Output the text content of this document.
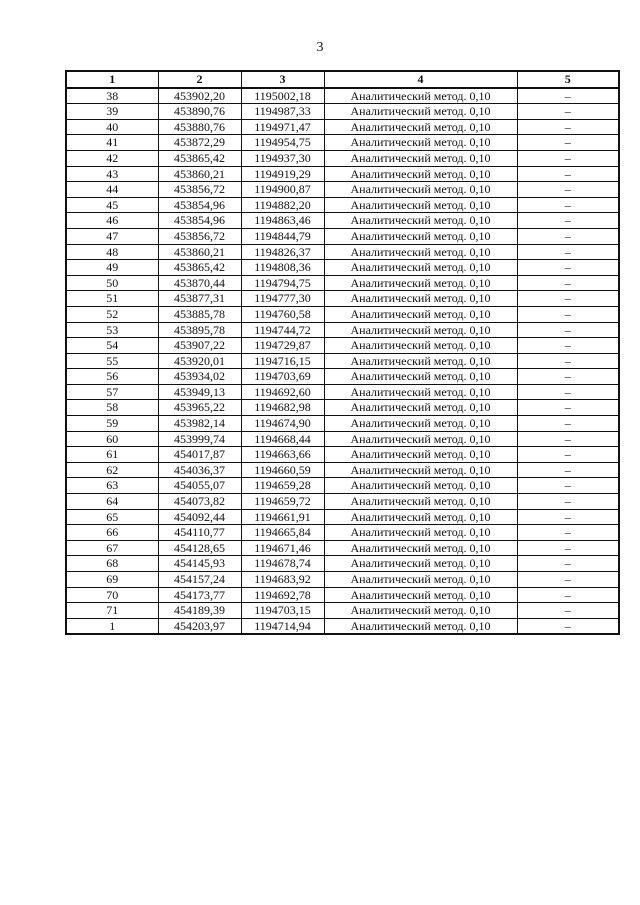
3
1	2	3	4	5
38	453902,20	1195002,18	Аналитический метод. 0,10	–
39	453890,76	1194987,33	Аналитический метод. 0,10	–
40	453880,76	1194971,47	Аналитический метод. 0,10	–
41	453872,29	1194954,75	Аналитический метод. 0,10	–
42	453865,42	1194937,30	Аналитический метод. 0,10	–
43	453860,21	1194919,29	Аналитический метод. 0,10	–
44	453856,72	1194900,87	Аналитический метод. 0,10	–
45	453854,96	1194882,20	Аналитический метод. 0,10	–
46	453854,96	1194863,46	Аналитический метод. 0,10	–
47	453856,72	1194844,79	Аналитический метод. 0,10	–
48	453860,21	1194826,37	Аналитический метод. 0,10	–
49	453865,42	1194808,36	Аналитический метод. 0,10	–
50	453870,44	1194794,75	Аналитический метод. 0,10	–
51	453877,31	1194777,30	Аналитический метод. 0,10	–
52	453885,78	1194760,58	Аналитический метод. 0,10	–
53	453895,78	1194744,72	Аналитический метод. 0,10	–
54	453907,22	1194729,87	Аналитический метод. 0,10	–
55	453920,01	1194716,15	Аналитический метод. 0,10	–
56	453934,02	1194703,69	Аналитический метод. 0,10	–
57	453949,13	1194692,60	Аналитический метод. 0,10	–
58	453965,22	1194682,98	Аналитический метод. 0,10	–
59	453982,14	1194674,90	Аналитический метод. 0,10	–
60	453999,74	1194668,44	Аналитический метод. 0,10	–
61	454017,87	1194663,66	Аналитический метод. 0,10	–
62	454036,37	1194660,59	Аналитический метод. 0,10	–
63	454055,07	1194659,28	Аналитический метод. 0,10	–
64	454073,82	1194659,72	Аналитический метод. 0,10	–
65	454092,44	1194661,91	Аналитический метод. 0,10	–
66	454110,77	1194665,84	Аналитический метод. 0,10	–
67	454128,65	1194671,46	Аналитический метод. 0,10	–
68	454145,93	1194678,74	Аналитический метод. 0,10	–
69	454157,24	1194683,92	Аналитический метод. 0,10	–
70	454173,77	1194692,78	Аналитический метод. 0,10	–
71	454189,39	1194703,15	Аналитический метод. 0,10	–
1	454203,97	1194714,94	Аналитический метод. 0,10	–
